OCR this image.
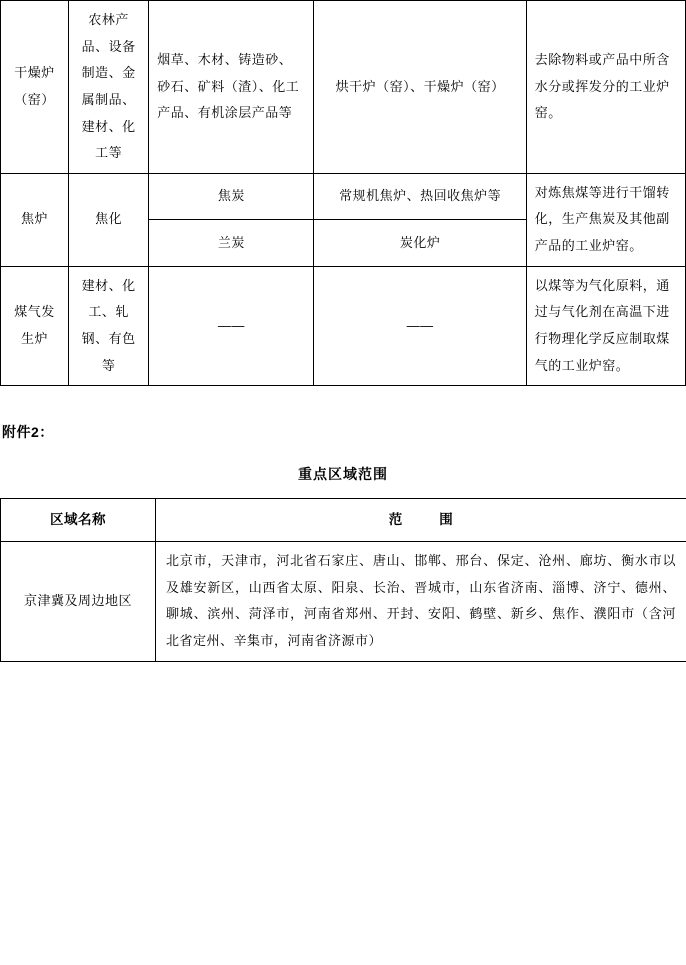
干燥炉（窑）	农林产品、设备制造、金属制品、建材、化工等	烟草、木材、铸造砂、砂石、矿料（渣）、化工产品、有机涂层产品等	烘干炉（窑）、干燥炉（窑）	去除物料或产品中所含水分或挥发分的工业炉窑。
焦炉	焦化	焦炭	常规机焦炉、热回收焦炉等	对炼焦煤等进行干馏转化，生产焦炭及其他副产品的工业炉窑。
		兰炭	炭化炉	
煤气发生炉	建材、化工、轧钢、有色等	——	——	以煤等为气化原料，通过与气化剂在高温下进行物理化学反应制取煤气的工业炉窑。
附件2：
重点区域范围
区域名称	范 围
京津冀及周边地区	北京市，天津市，河北省石家庄、唐山、邯郸、邢台、保定、沧州、廊坊、衡水市以及雄安新区，山西省太原、阳泉、长治、晋城市，山东省济南、淄博、济宁、德州、聊城、滨州、菏泽市，河南省郑州、开封、安阳、鹤壁、新乡、焦作、濮阳市（含河北省定州、辛集市，河南省济源市）
